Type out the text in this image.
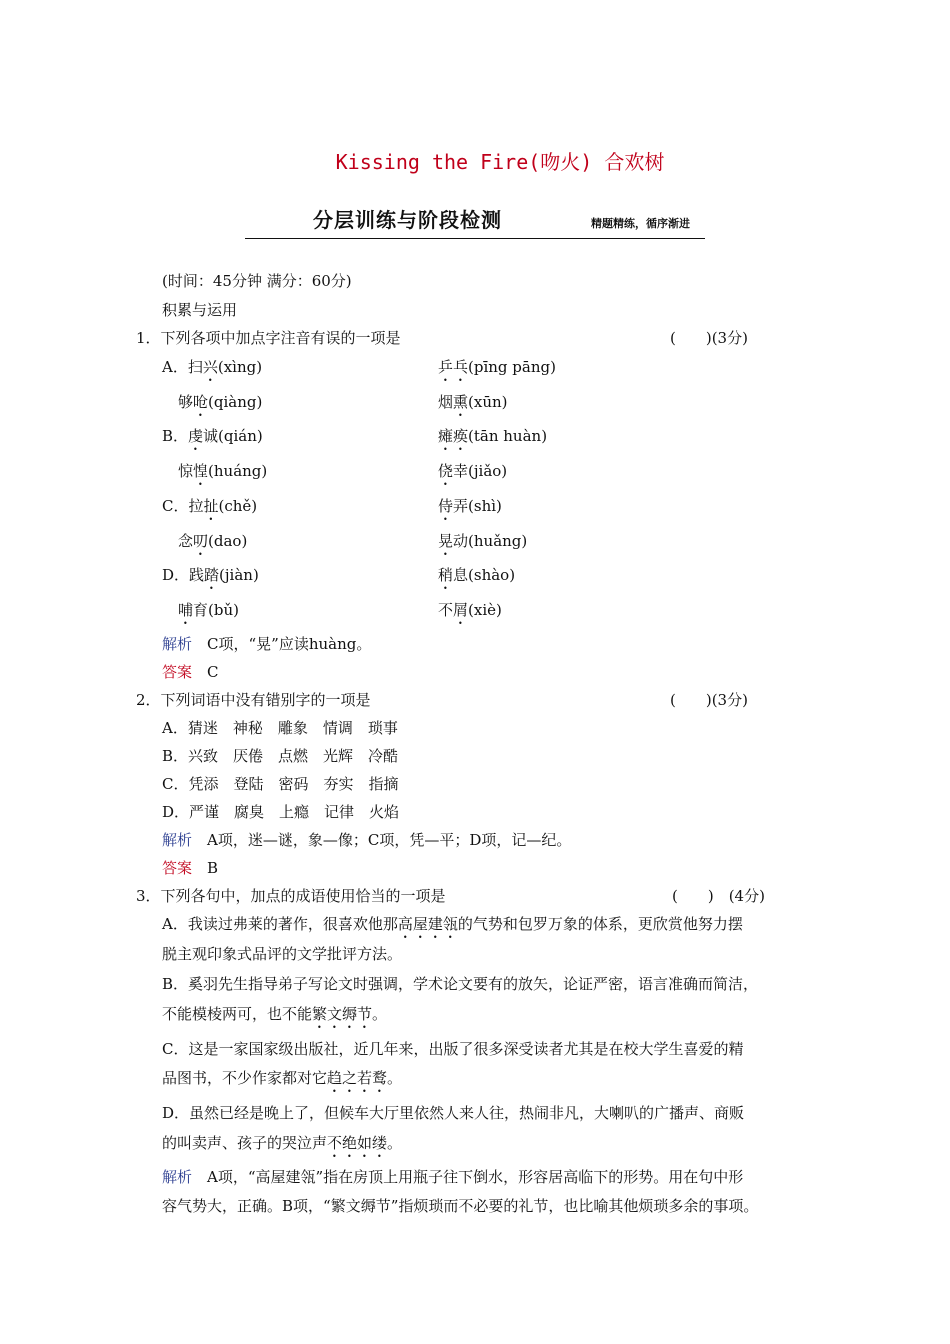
Kissing the Fire(吻火) 合欢树
分层训练与阶段检测	精题精练，循序渐进
(时间：45分钟 满分：60分)
积累与运用
1．下列各项中加点字注音有误的一项是	(　　)(3分)
A．扫兴(xìng)	乒乓(pīng pāng)
够呛(qiàng)	烟熏(xūn)
B．虔诚(qián)	瘫痪(tān huàn)
惊惶(huáng)	侥幸(jiǎo)
C．拉扯(chě)	侍弄(shì)
念叨(dao)	晃动(huǎng)
D．践踏(jiàn)	稍息(shào)
哺育(bǔ)	不屑(xiè)
解析　C项，“晃”应读huàng。
答案　C
2．下列词语中没有错别字的一项是	(　　)(3分)
A．猜迷　神秘　雕象　情调　琐事
B．兴致　厌倦　点燃　光辉　冷酷
C．凭添　登陆　密码　夯实　指摘
D．严谨　腐臭　上瘾　记律　火焰
解析　A项，迷—谜，象—像；C项，凭—平；D项，记—纪。
答案　B
3．下列各句中，加点的成语使用恰当的一项是	(　　)　(4分)
A．我读过弗莱的著作，很喜欢他那高屋建瓴的气势和包罗万象的体系，更欣赏他努力摆
脱主观印象式品评的文学批评方法。
B．奚羽先生指导弟子写论文时强调，学术论文要有的放矢，论证严密，语言准确而简洁，
不能模棱两可，也不能繁文缛节。
C．这是一家国家级出版社，近几年来，出版了很多深受读者尤其是在校大学生喜爱的精
品图书，不少作家都对它趋之若鹜。
D．虽然已经是晚上了，但候车大厅里依然人来人往，热闹非凡，大喇叭的广播声、商贩
的叫卖声、孩子的哭泣声不绝如缕。
解析　A项，“高屋建瓴”指在房顶上用瓶子往下倒水，形容居高临下的形势。用在句中形
容气势大，正确。B项，“繁文缛节”指烦琐而不必要的礼节，也比喻其他烦琐多余的事项。
